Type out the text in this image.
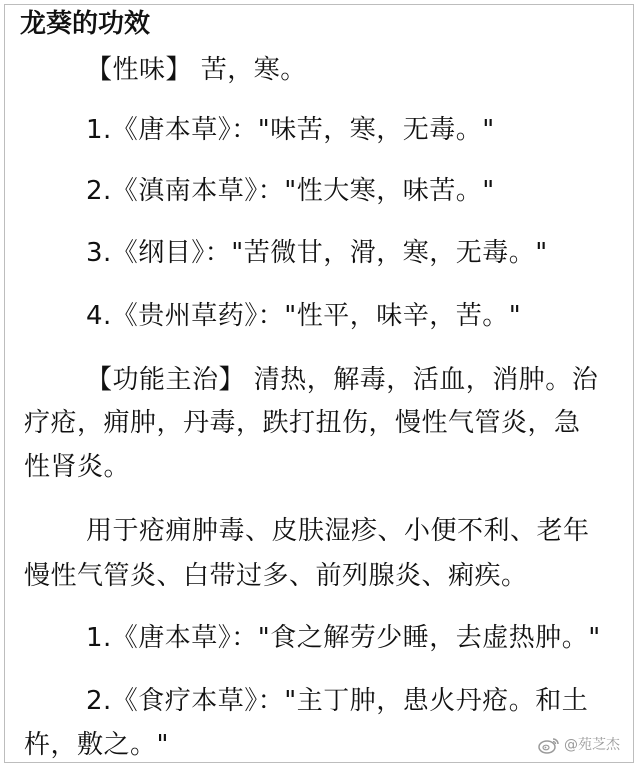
龙葵的功效
【性味】 苦，寒。
1.《唐本草》："味苦，寒，无毒。"
2.《滇南本草》："性大寒，味苦。"
3.《纲目》："苦微甘，滑，寒，无毒。"
4.《贵州草药》："性平，味辛，苦。"
【功能主治】 清热，解毒，活血，消肿。治
疗疮，痈肿，丹毒，跌打扭伤，慢性气管炎，急
性肾炎。
用于疮痈肿毒、皮肤湿疹、小便不利、老年
慢性气管炎、白带过多、前列腺炎、痢疾。
1.《唐本草》："食之解劳少睡，去虚热肿。"
2.《食疗本草》："主丁肿，患火丹疮。和土
杵，敷之。"	@苑芝杰
